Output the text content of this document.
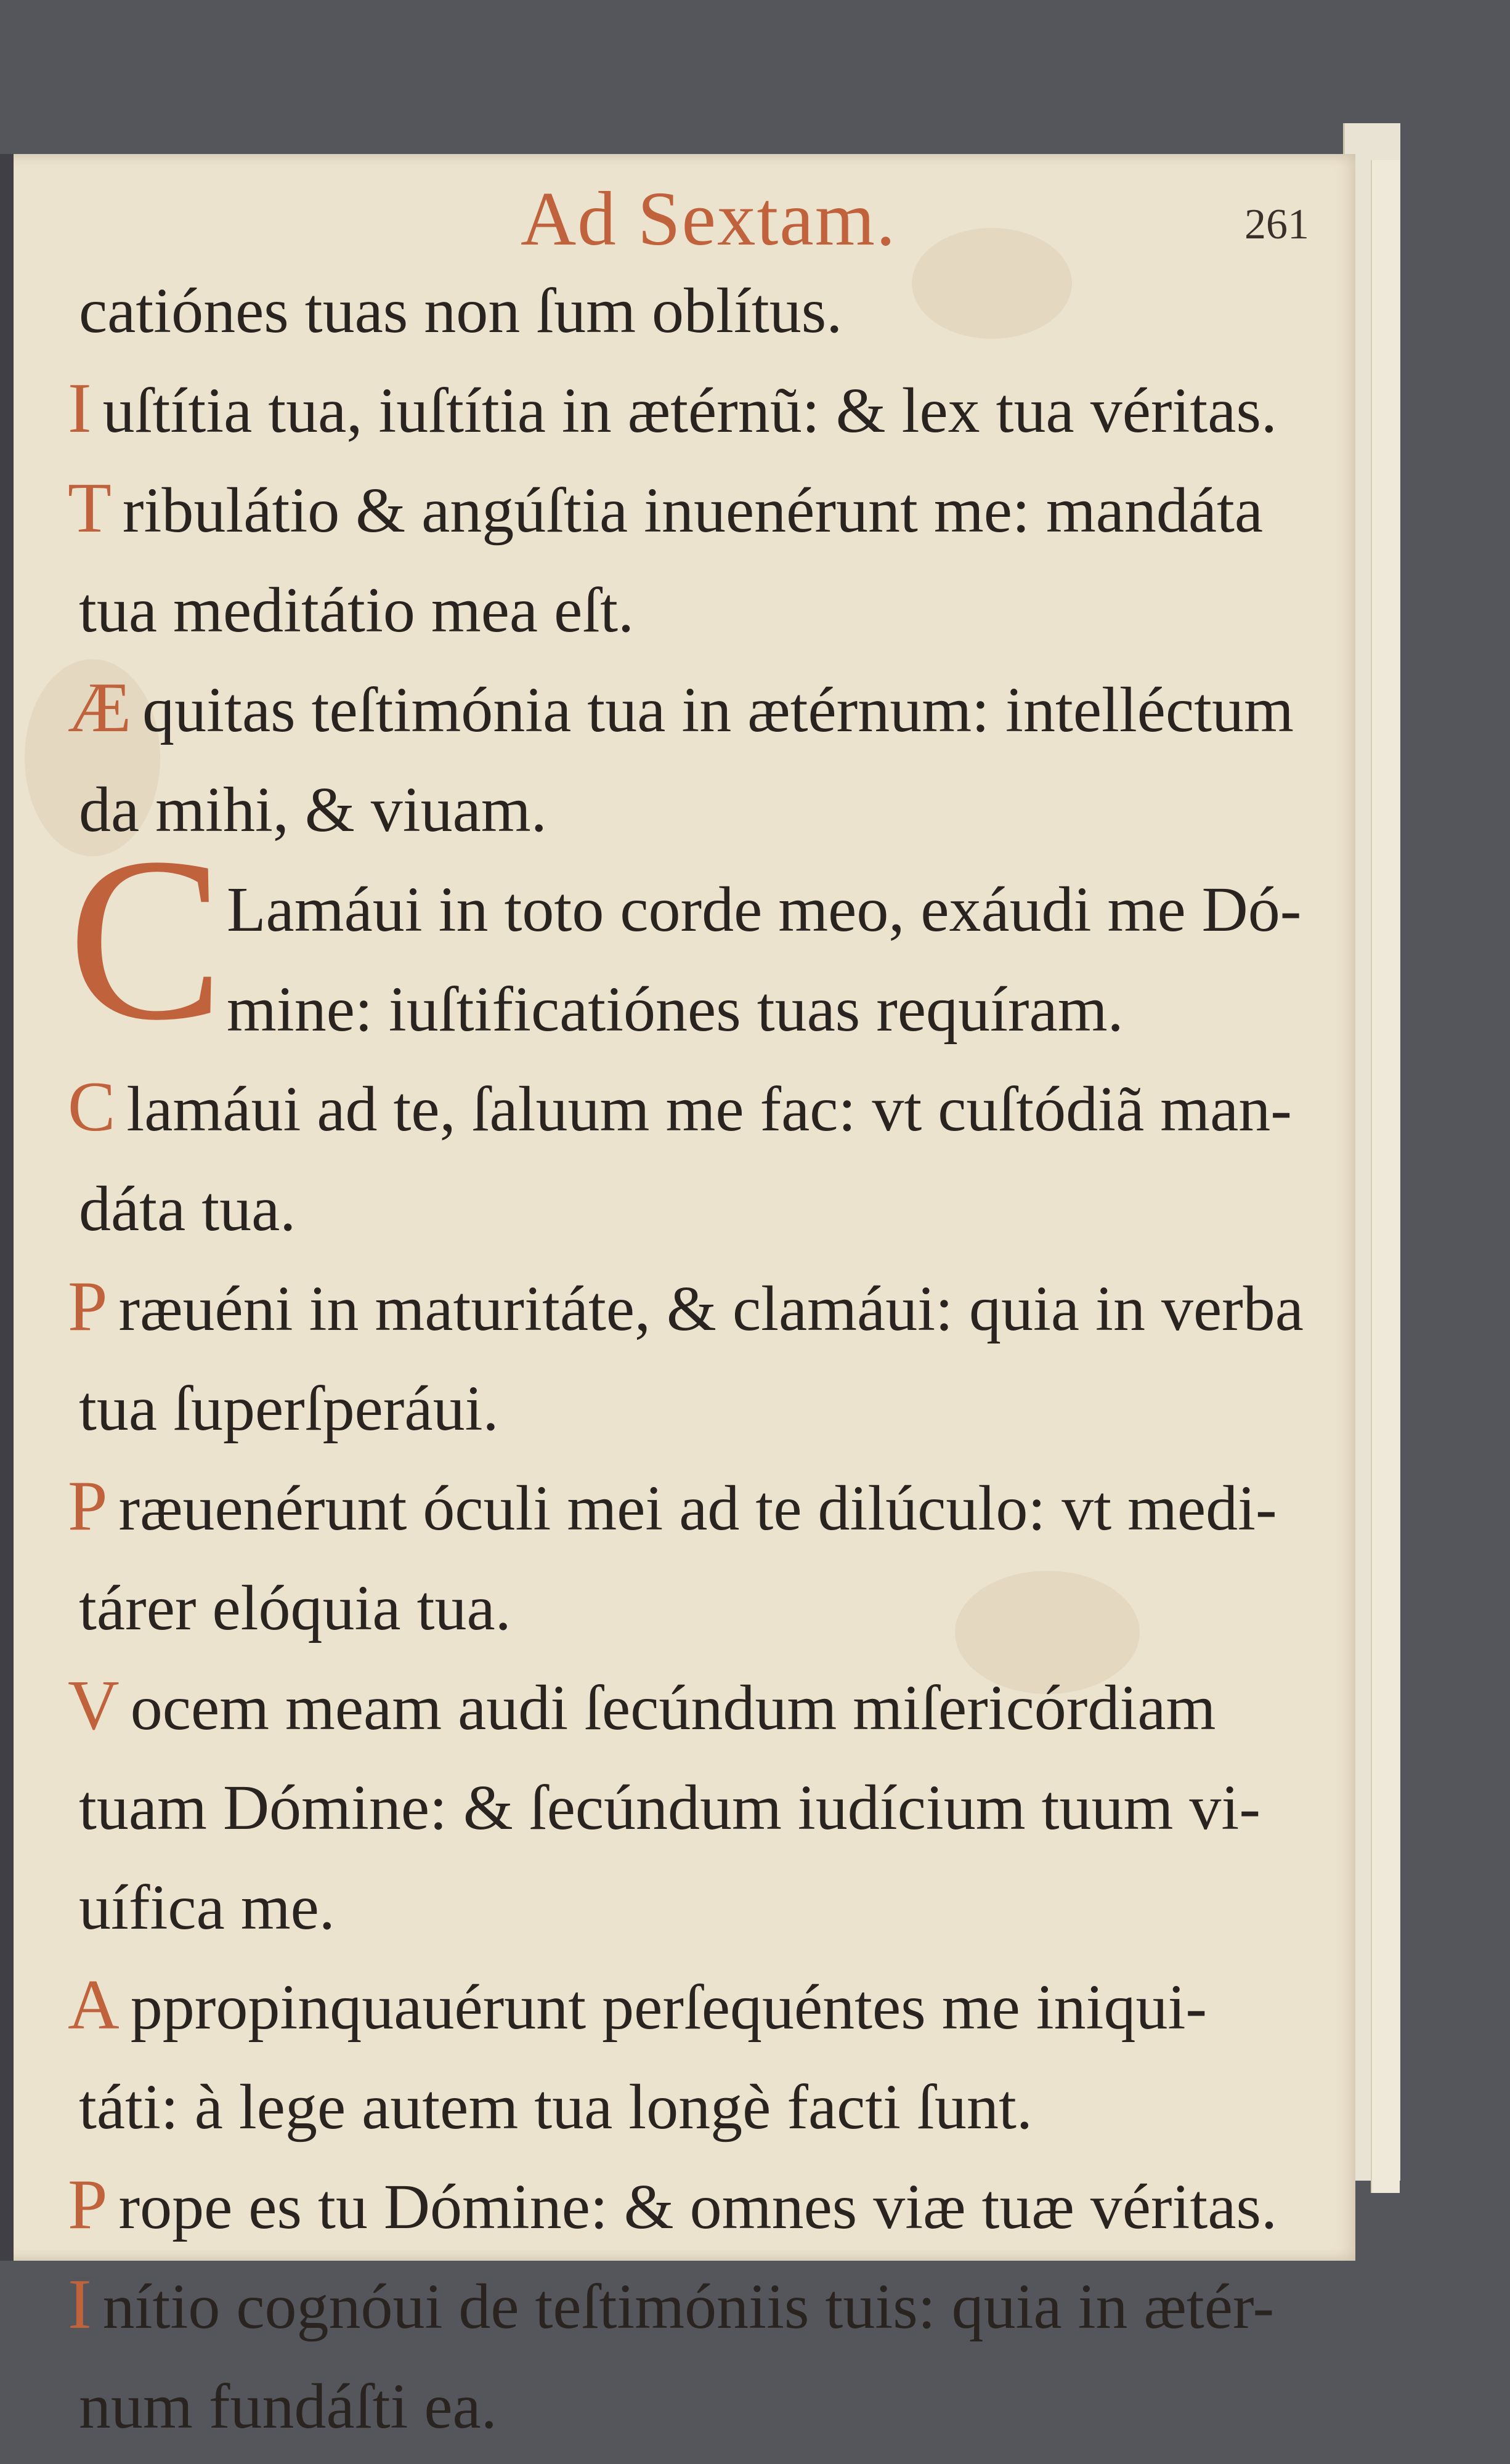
Ad Sextam.	261
C
catiónes tuas non ſum oblítus.
I uſtítia tua, iuſtítia in ætérnũ: & lex tua véritas.
T ribulátio & angúſtia inuenérunt me: mandáta
tua meditátio mea eſt.
Æ quitas teſtimónia tua in ætérnum: intelléctum
da mihi, & viuam.
Lamáui in toto corde meo, exáudi me Dó-
mine: iuſtificatiónes tuas requíram.
C lamáui ad te, ſaluum me fac: vt cuſtódiã man-
dáta tua.
P ræuéni in maturitáte, & clamáui: quia in verba
tua ſuperſperáui.
P ræuenérunt óculi mei ad te dilúculo: vt medi-
tárer elóquia tua.
V ocem meam audi ſecúndum miſericórdiam
tuam Dómine: & ſecúndum iudícium tuum vi-
uífica me.
A ppropinquauérunt perſequéntes me iniqui-
táti: à lege autem tua longè facti ſunt.
P rope es tu Dómine: & omnes viæ tuæ véritas.
I nítio cognóui de teſtimóniis tuis: quia in ætér-
num fundáſti ea.
